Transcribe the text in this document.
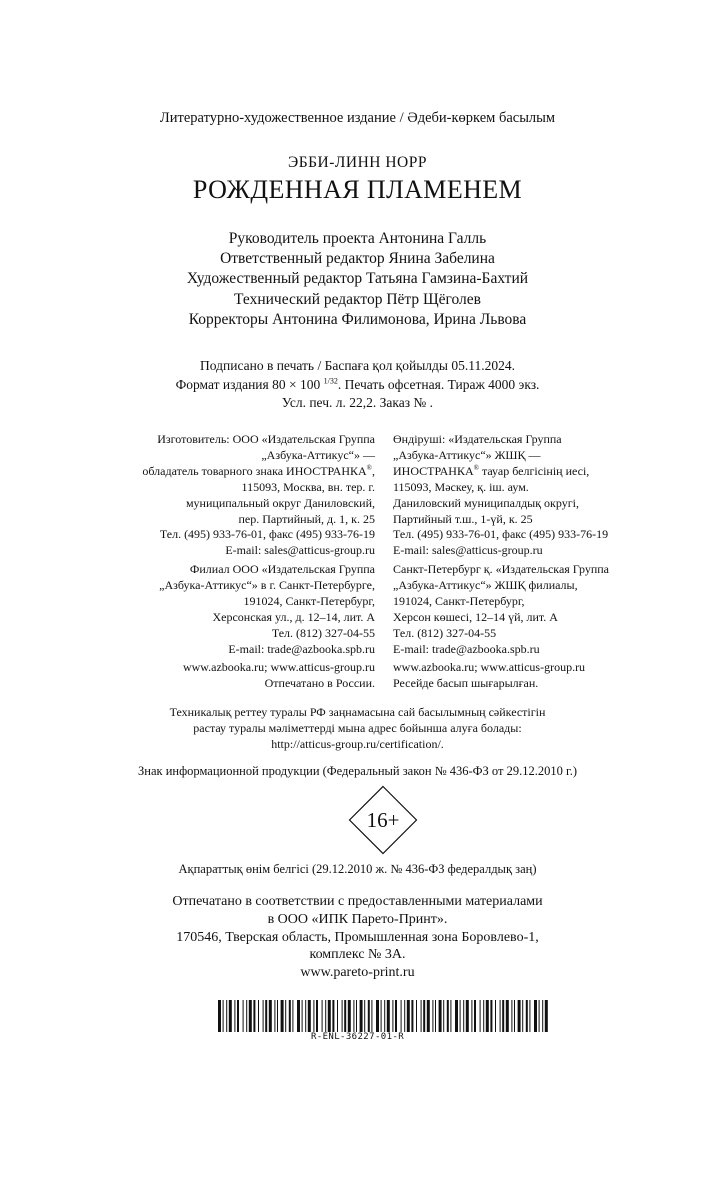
Литературно-художественное издание / Әдеби-көркем басылым
ЭББИ-ЛИНН НОРР
РОЖДЕННАЯ ПЛАМЕНЕМ
Руководитель проекта Антонина Галль
Ответственный редактор Янина Забелина
Художественный редактор Татьяна Гамзина-Бахтий
Технический редактор Пётр Щёголев
Корректоры Антонина Филимонова, Ирина Львова
Подписано в печать / Баспаға қол қойылды 05.11.2024.
Формат издания 80 × 100 $^{1/32}$. Печать офсетная. Тираж 4000 экз.
Усл. печ. л. 22,2. Заказ № .
Изготовитель: ООО «Издательская Группа
„Азбука-Аттикус“» —
обладатель товарного знака ИНОСТРАНКА®,
115093, Москва, вн. тер. г.
муниципальный округ Даниловский,
пер. Партийный, д. 1, к. 25
Тел. (495) 933-76-01, факс (495) 933-76-19
E-mail: sales@atticus-group.ru
Өндіруші: «Издательская Группа
„Азбука-Аттикус“» ЖШҚ —
ИНОСТРАНКА® тауар белгісінің иесі,
115093, Мәскеу, қ. іш. аум.
Даниловский муниципалдық округі,
Партийный т.ш., 1-үй, к. 25
Тел. (495) 933-76-01, факс (495) 933-76-19
E-mail: sales@atticus-group.ru
Филиал ООО «Издательская Группа
„Азбука-Аттикус“» в г. Санкт-Петербурге,
191024, Санкт-Петербург,
Херсонская ул., д. 12–14, лит. А
Тел. (812) 327-04-55
E-mail: trade@azbooka.spb.ru
Санкт-Петербург қ. «Издательская Группа
„Азбука-Аттикус“» ЖШҚ филиалы,
191024, Санкт-Петербург,
Херсон көшесі, 12–14 үй, лит. А
Тел. (812) 327-04-55
E-mail: trade@azbooka.spb.ru
www.azbooka.ru; www.atticus-group.ru
Отпечатано в России.
www.azbooka.ru; www.atticus-group.ru
Ресейде басып шығарылған.
Техникалық реттеу туралы РФ заңнамасына сай басылымның сәйкестігін
растау туралы мәліметтерді мына адрес бойынша алуға болады:
http://atticus-group.ru/certification/.
Знак информационной продукции (Федеральный закон № 436-ФЗ от 29.12.2010 г.)
16+
Ақпараттық өнім белгісі (29.12.2010 ж. № 436-ФЗ федералдық заң)
Отпечатано в соответствии с предоставленными материалами
в ООО «ИПК Парето-Принт».
170546, Тверская область, Промышленная зона Боровлево-1,
комплекс № 3А.
www.pareto-print.ru
R-ENL-36227-01-R
